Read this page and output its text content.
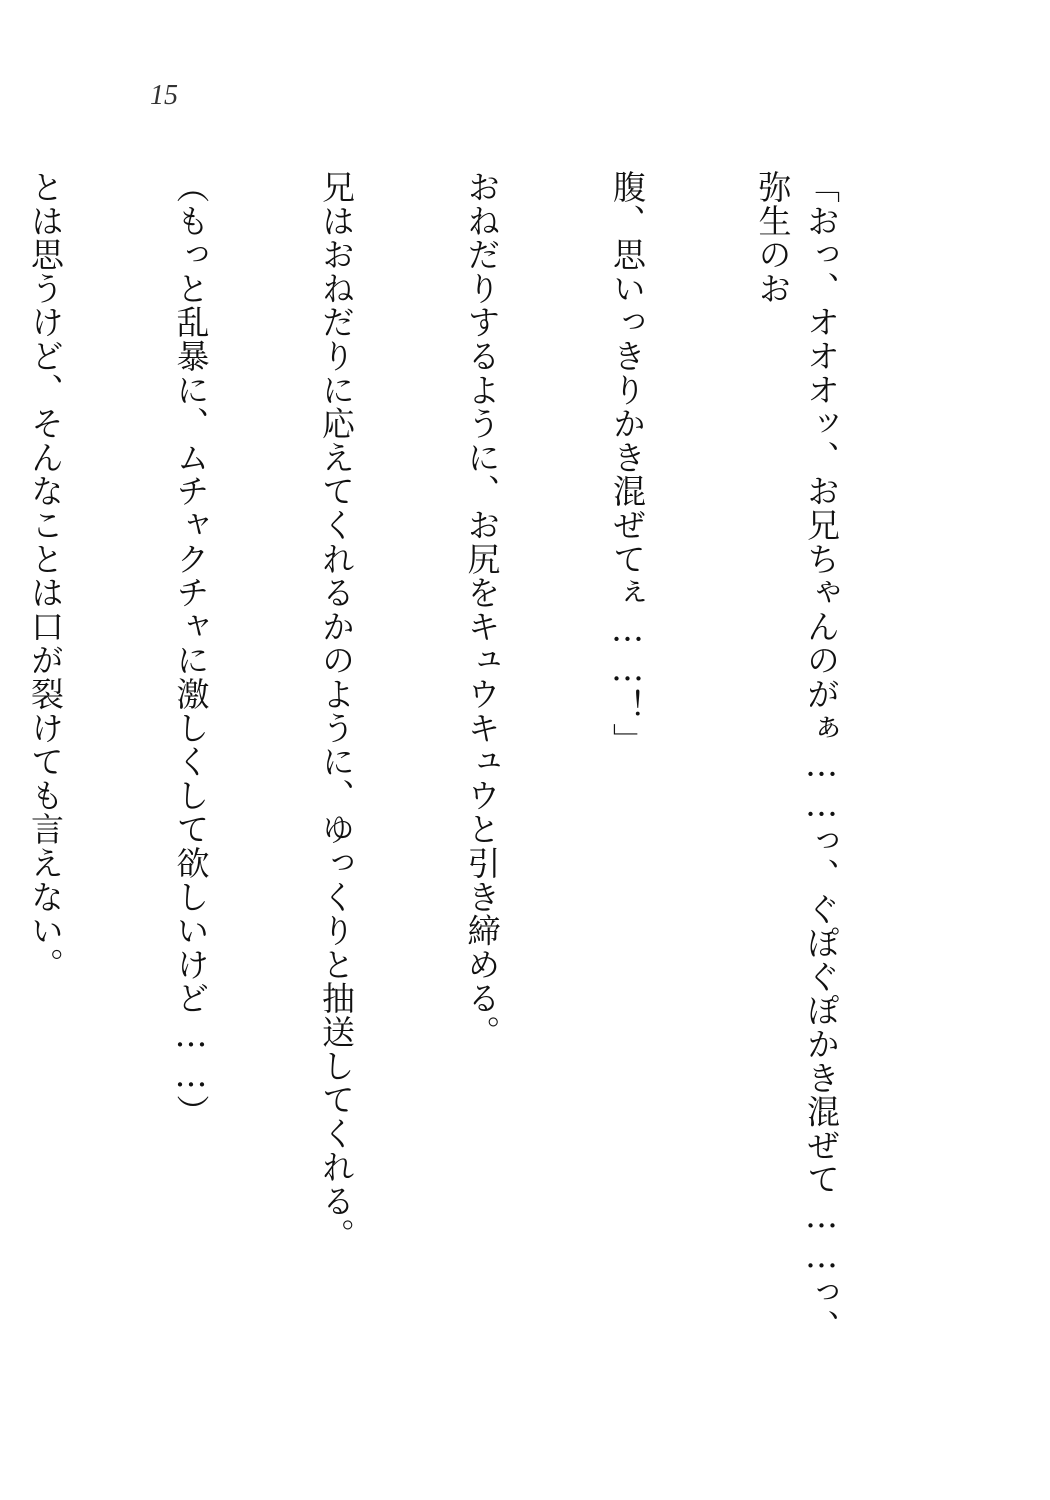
15

「おっ、オオオッ、お兄ちゃんのがぁ……っ、ぐぽぐぽかき混ぜて……っ、弥生のお

腹、思いっきりかき混ぜてぇ……！」

おねだりするように、お尻をキュウキュウと引き締める。

兄はおねだりに応えてくれるかのように、ゆっくりと抽送してくれる。

（もっと乱暴に、ムチャクチャに激しくして欲しいけど……）

とは思うけど、そんなことは口が裂けても言えない。
